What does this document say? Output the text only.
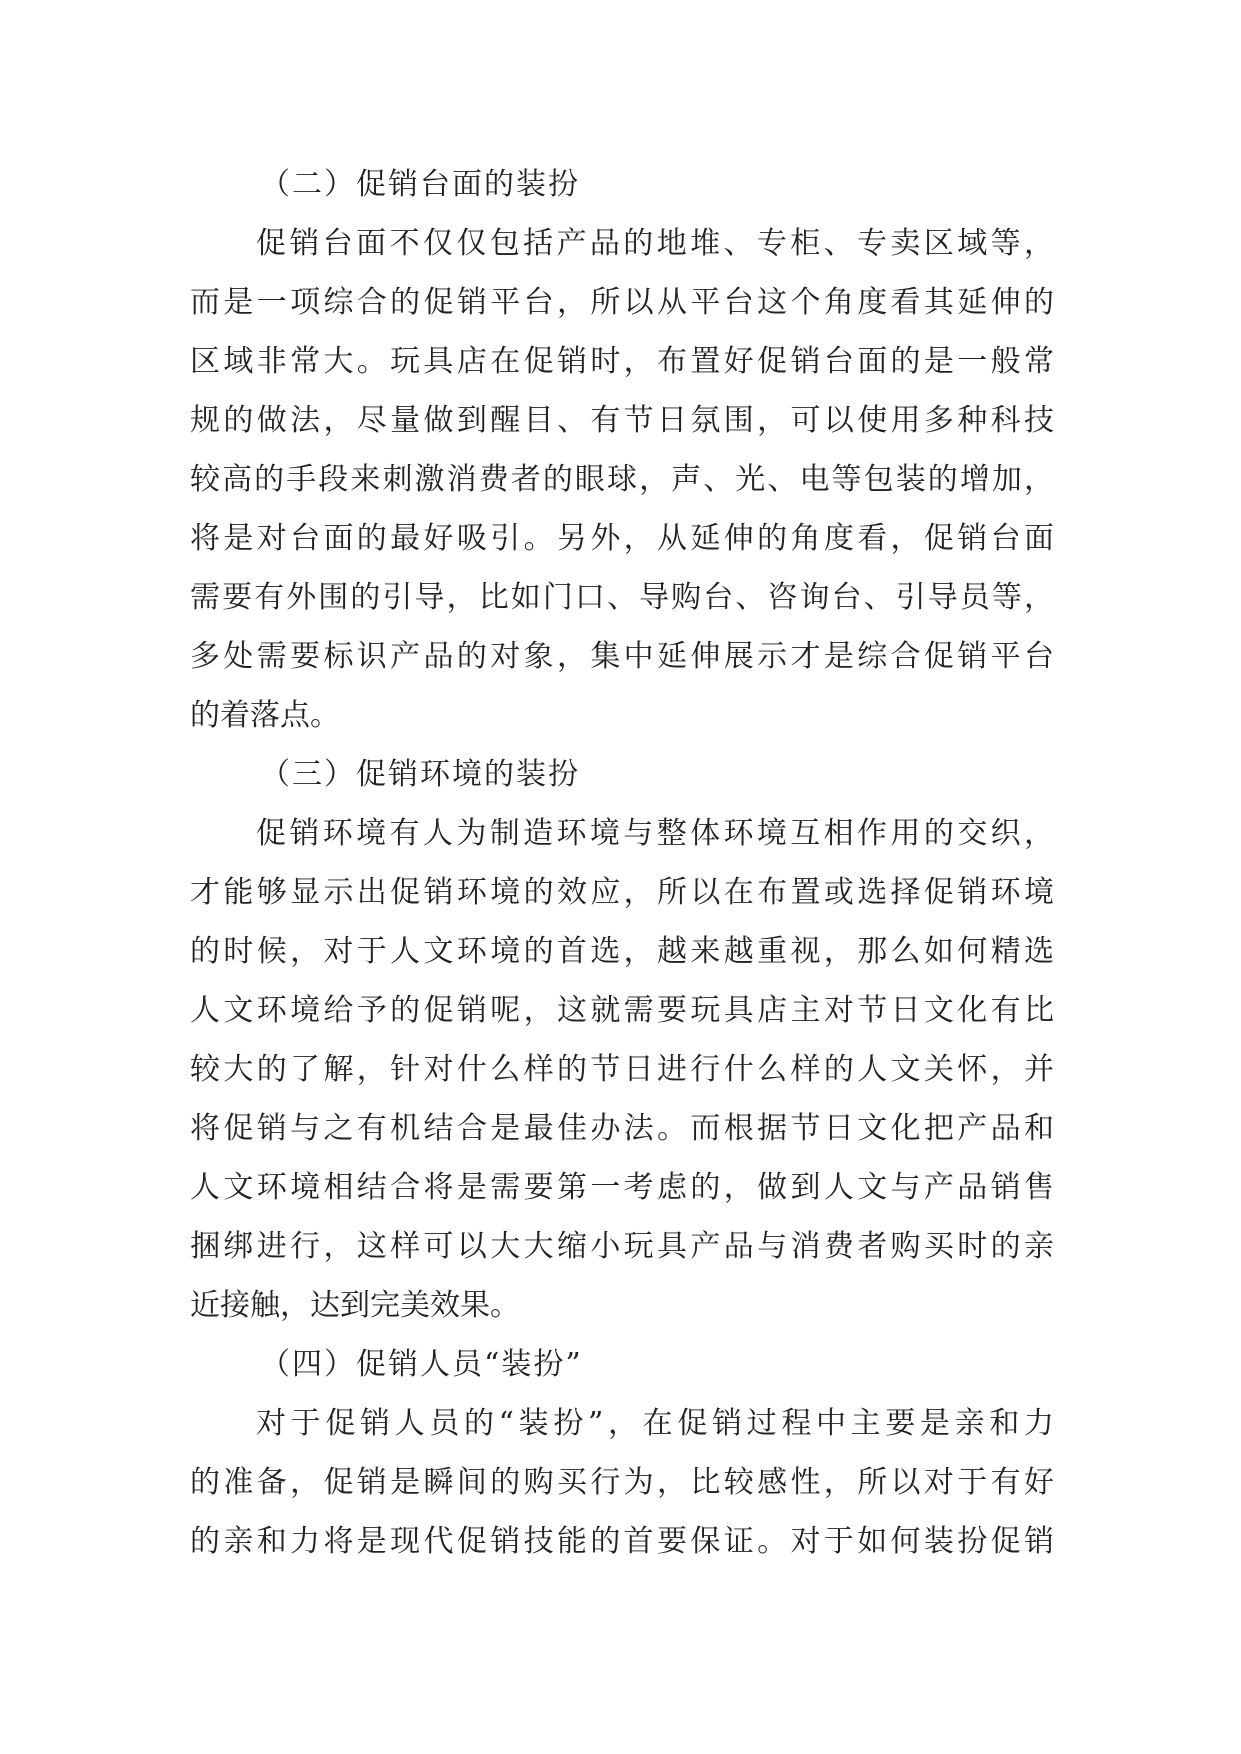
（二）促销台面的装扮
促销台面不仅仅包括产品的地堆、专柜、专卖区域等，
而是一项综合的促销平台，所以从平台这个角度看其延伸的
区域非常大。玩具店在促销时，布置好促销台面的是一般常
规的做法，尽量做到醒目、有节日氛围，可以使用多种科技
较高的手段来刺激消费者的眼球，声、光、电等包装的增加，
将是对台面的最好吸引。另外，从延伸的角度看，促销台面
需要有外围的引导，比如门口、导购台、咨询台、引导员等，
多处需要标识产品的对象，集中延伸展示才是综合促销平台
的着落点。
（三）促销环境的装扮
促销环境有人为制造环境与整体环境互相作用的交织，
才能够显示出促销环境的效应，所以在布置或选择促销环境
的时候，对于人文环境的首选，越来越重视，那么如何精选
人文环境给予的促销呢，这就需要玩具店主对节日文化有比
较大的了解，针对什么样的节日进行什么样的人文关怀，并
将促销与之有机结合是最佳办法。而根据节日文化把产品和
人文环境相结合将是需要第一考虑的，做到人文与产品销售
捆绑进行，这样可以大大缩小玩具产品与消费者购买时的亲
近接触，达到完美效果。
（四）促销人员“装扮”
对于促销人员的“装扮”，在促销过程中主要是亲和力
的准备，促销是瞬间的购买行为，比较感性，所以对于有好
的亲和力将是现代促销技能的首要保证。对于如何装扮促销
